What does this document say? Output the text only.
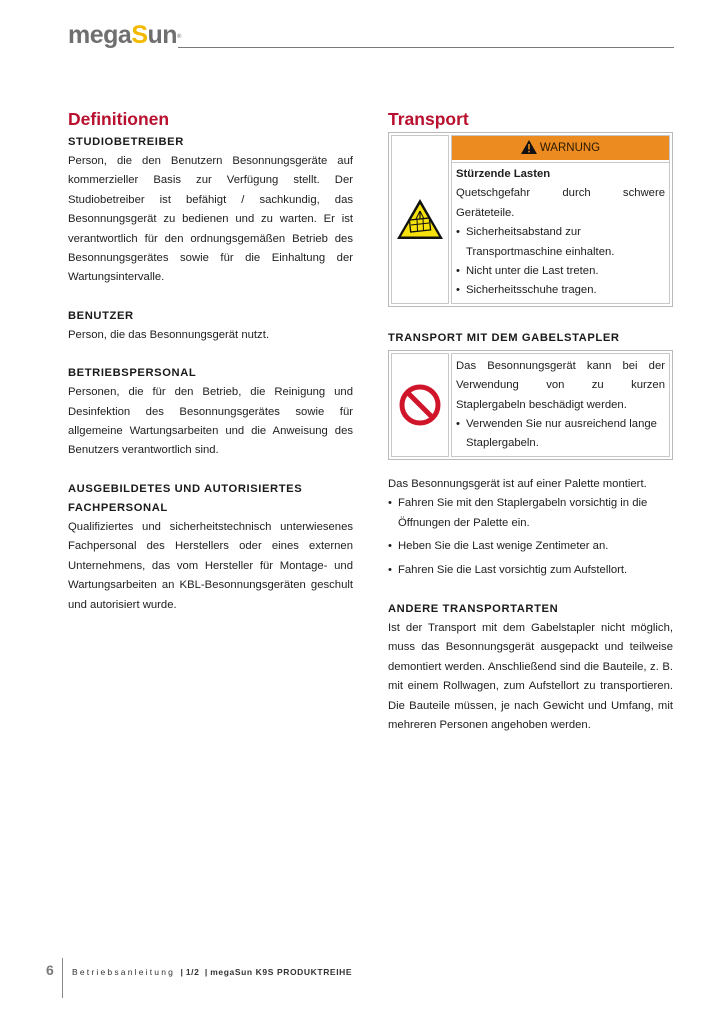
megaSun®
Definitionen
STUDIOBETREIBER
Person, die den Benutzern Besonnungsgeräte auf kommerzieller Basis zur Verfügung stellt. Der Studiobetreiber ist befähigt / sachkundig, das Besonnungsgerät zu bedienen und zu warten. Er ist verantwortlich für den ordnungsgemäßen Betrieb des Besonnungsgerätes sowie für die Einhaltung der Wartungsintervalle.
BENUTZER
Person, die das Besonnungsgerät nutzt.
BETRIEBSPERSONAL
Personen, die für den Betrieb, die Reinigung und Desinfektion des Besonnungsgerätes sowie für allgemeine Wartungsarbeiten und die Anweisung des Benutzers verantwortlich sind.
AUSGEBILDETES UND AUTORISIERTES
FACHPERSONAL
Qualifiziertes und sicherheitstechnisch unterwiesenes Fachpersonal des Herstellers oder eines externen Unternehmens, das vom Hersteller für Montage- und Wartungsarbeiten an KBL-Besonnungsgeräten geschult und autorisiert wurde.
Transport
WARNUNG
Stürzende Lasten
Quetschgefahr durch schwere Geräteteile.
• Sicherheitsabstand zur Transportmaschine einhalten.
• Nicht unter die Last treten.
• Sicherheitsschuhe tragen.
TRANSPORT MIT DEM GABELSTAPLER
Das Besonnungsgerät kann bei der Verwendung von zu kurzen Staplergabeln beschädigt werden.
• Verwenden Sie nur ausreichend lange Staplergabeln.
Das Besonnungsgerät ist auf einer Palette montiert.
• Fahren Sie mit den Staplergabeln vorsichtig in die Öffnungen der Palette ein.
• Heben Sie die Last wenige Zentimeter an.
• Fahren Sie die Last vorsichtig zum Aufstellort.
ANDERE TRANSPORTARTEN
Ist der Transport mit dem Gabelstapler nicht möglich, muss das Besonnungsgerät ausgepackt und teilweise demontiert werden. Anschließend sind die Bauteile, z. B. mit einem Rollwagen, zum Aufstellort zu transportieren. Die Bauteile müssen, je nach Gewicht und Umfang, mit mehreren Personen angehoben werden.
6 Betriebsanleitung | 1/2 | megaSun K9S PRODUKTREIHE
